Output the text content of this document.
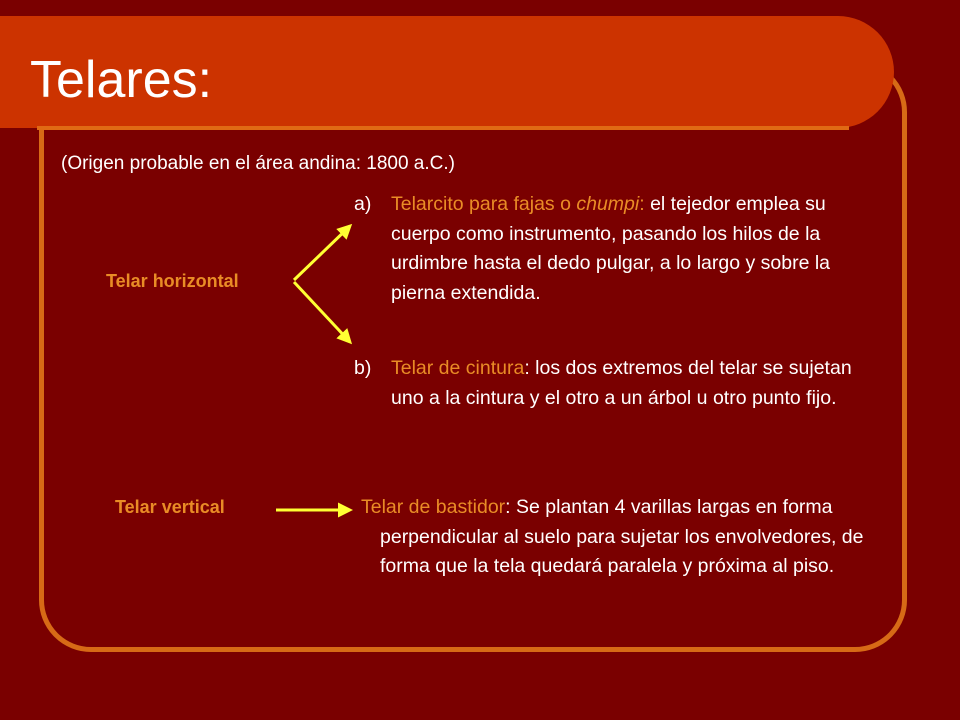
Telares:
(Origen probable en el área andina: 1800 a.C.)
Telar horizontal
Telar vertical
a) Telarcito para fajas o chumpi: el tejedor emplea su cuerpo como instrumento, pasando los hilos de la urdimbre hasta el dedo pulgar, a lo largo y sobre la pierna extendida.
b) Telar de cintura: los dos extremos del telar se sujetan uno a la cintura y el otro a un árbol u otro punto fijo.
Telar de bastidor: Se plantan 4 varillas largas en forma perpendicular al suelo para sujetar los envolvedores, de forma que la tela quedará paralela y próxima al piso.
